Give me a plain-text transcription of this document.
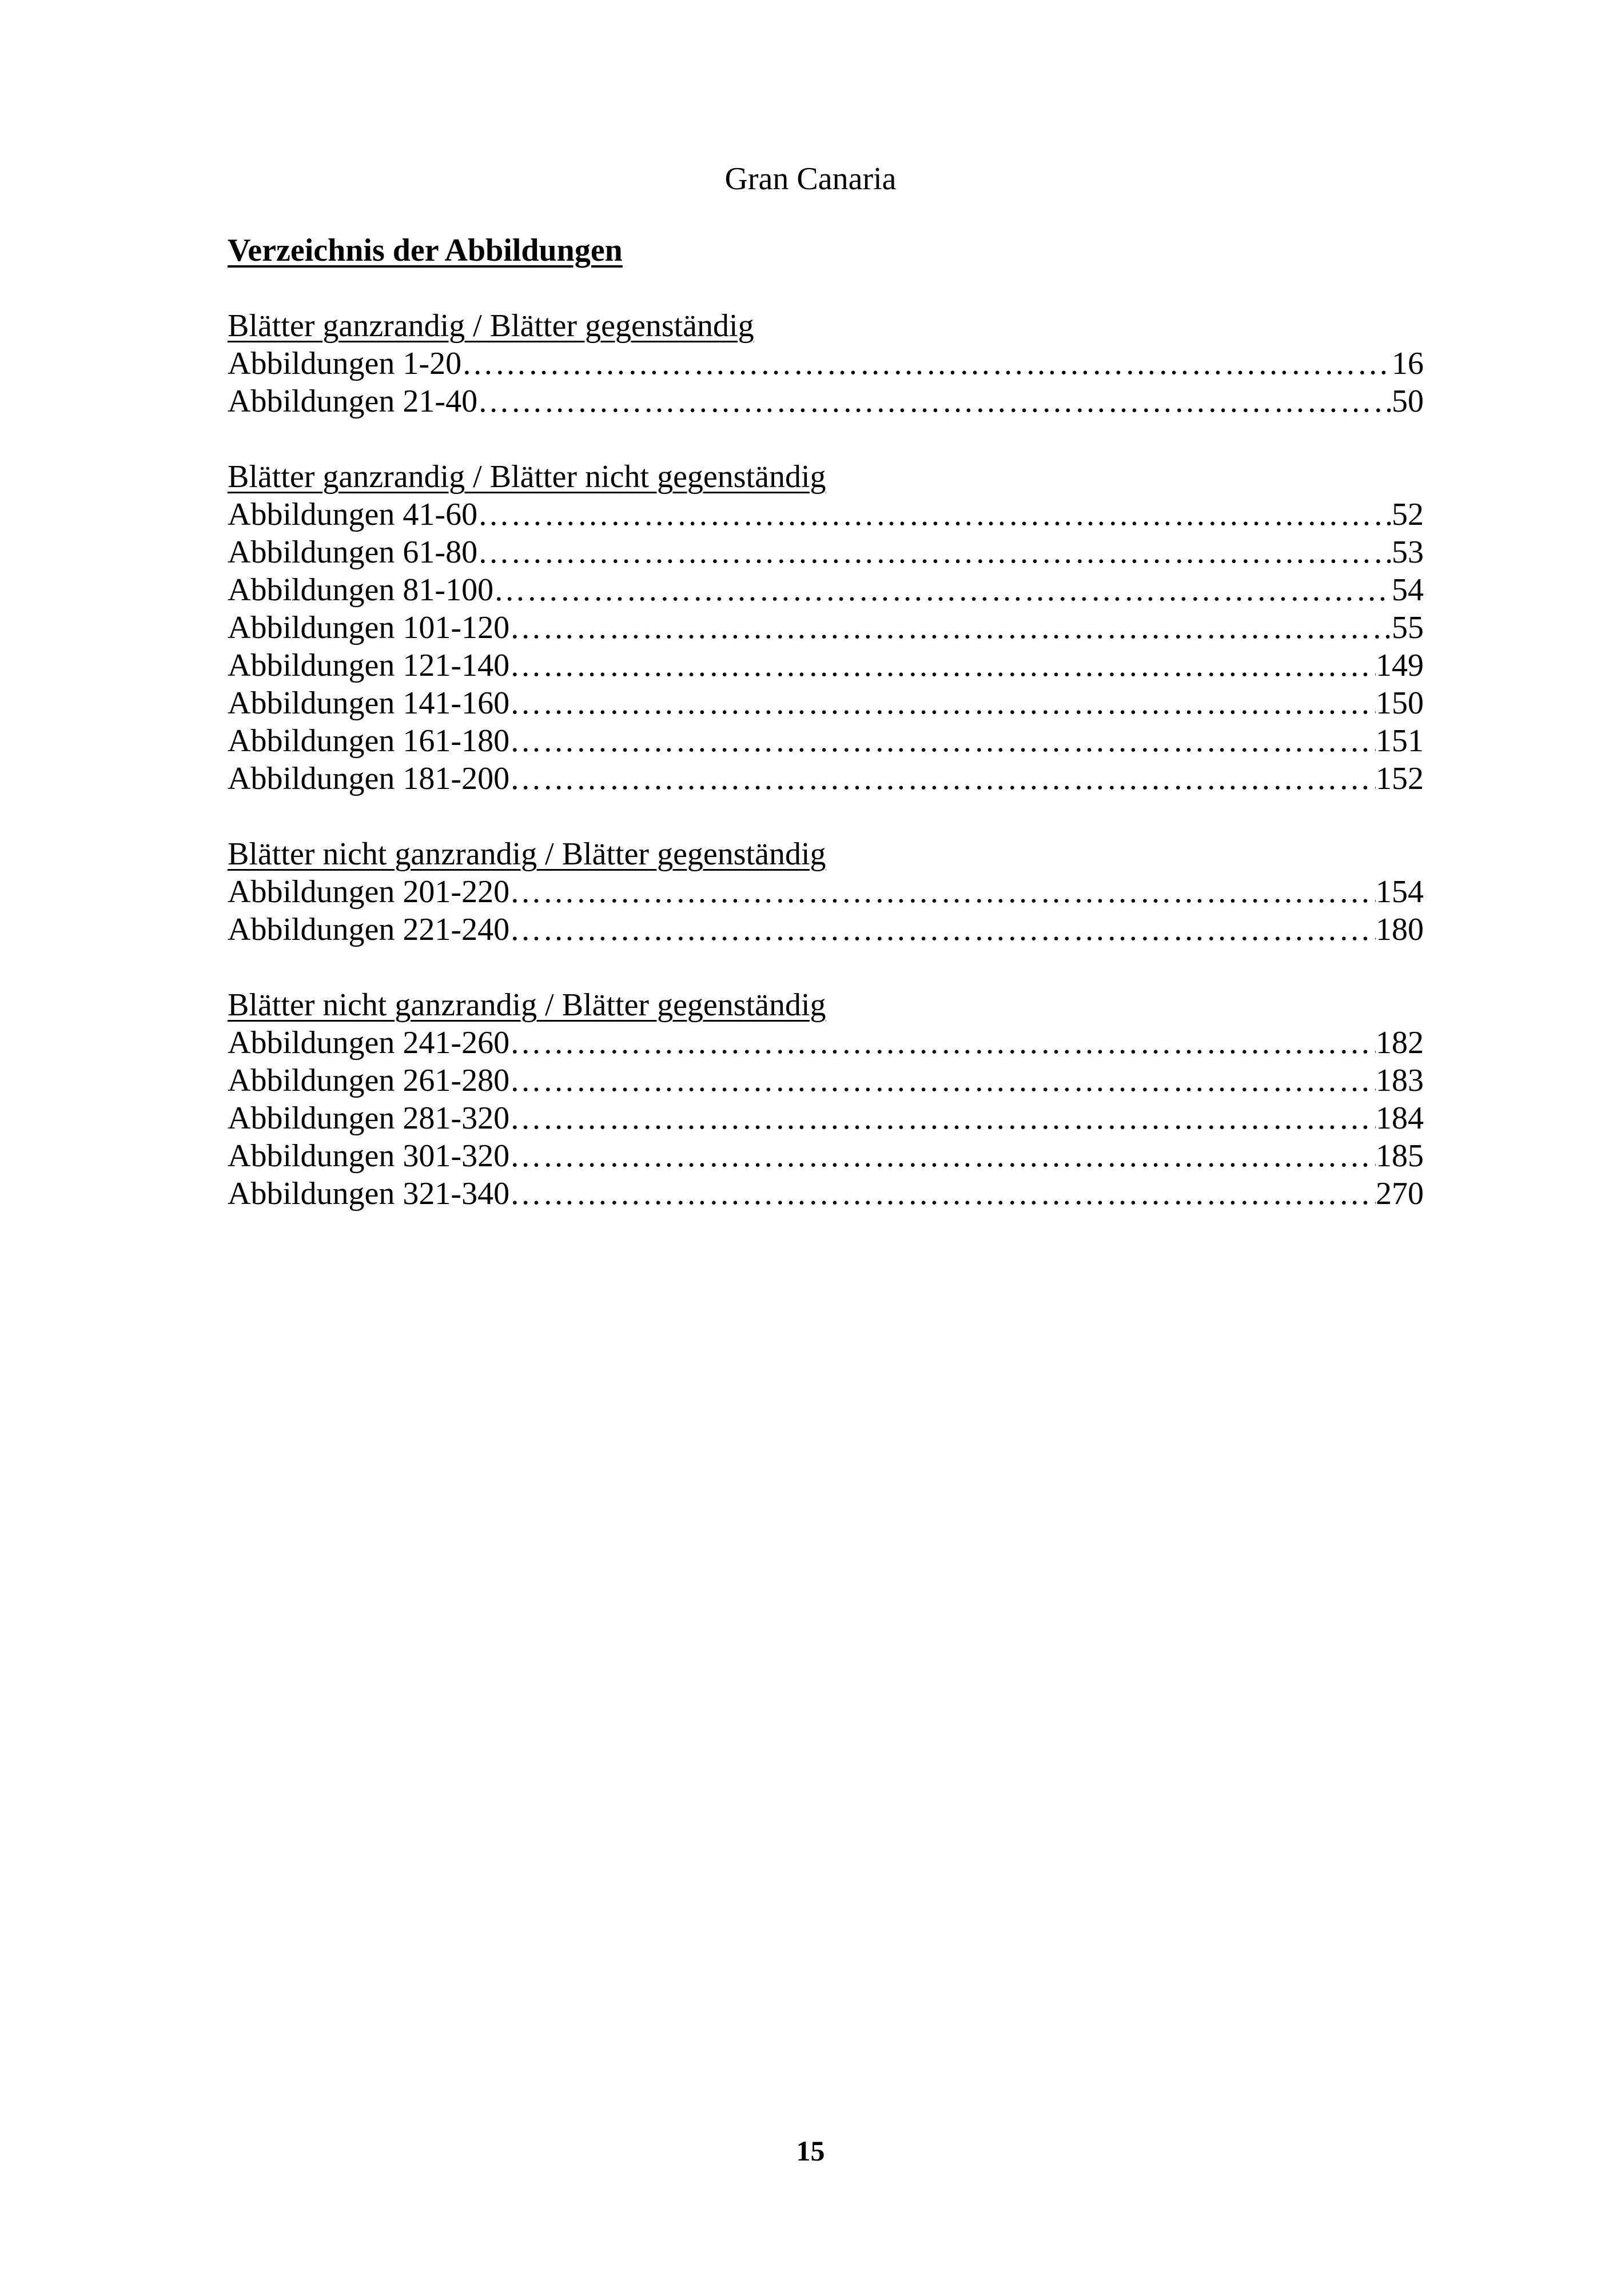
Gran Canaria
Verzeichnis der Abbildungen
Blätter ganzrandig / Blätter gegenständig
Abbildungen 1-20 ……………………………………………………………………………………………………………………………………………………………………………………………………	16
Abbildungen 21-40 ……………………………………………………………………………………………………………………………………………………………………………………………………	50
Blätter ganzrandig / Blätter nicht gegenständig
Abbildungen 41-60 ……………………………………………………………………………………………………………………………………………………………………………………………………	52
Abbildungen 61-80 ……………………………………………………………………………………………………………………………………………………………………………………………………	53
Abbildungen 81-100 ……………………………………………………………………………………………………………………………………………………………………………………………………	54
Abbildungen 101-120 ……………………………………………………………………………………………………………………………………………………………………………………………………	55
Abbildungen 121-140 ……………………………………………………………………………………………………………………………………………………………………………………………………	149
Abbildungen 141-160 ……………………………………………………………………………………………………………………………………………………………………………………………………	150
Abbildungen 161-180 ……………………………………………………………………………………………………………………………………………………………………………………………………	151
Abbildungen 181-200 ……………………………………………………………………………………………………………………………………………………………………………………………………	152
Blätter nicht ganzrandig / Blätter gegenständig
Abbildungen 201-220 ……………………………………………………………………………………………………………………………………………………………………………………………………	154
Abbildungen 221-240 ……………………………………………………………………………………………………………………………………………………………………………………………………	180
Blätter nicht ganzrandig / Blätter gegenständig
Abbildungen 241-260 ……………………………………………………………………………………………………………………………………………………………………………………………………	182
Abbildungen 261-280 ……………………………………………………………………………………………………………………………………………………………………………………………………	183
Abbildungen 281-320 ……………………………………………………………………………………………………………………………………………………………………………………………………	184
Abbildungen 301-320 ……………………………………………………………………………………………………………………………………………………………………………………………………	185
Abbildungen 321-340 ……………………………………………………………………………………………………………………………………………………………………………………………………	270
15
